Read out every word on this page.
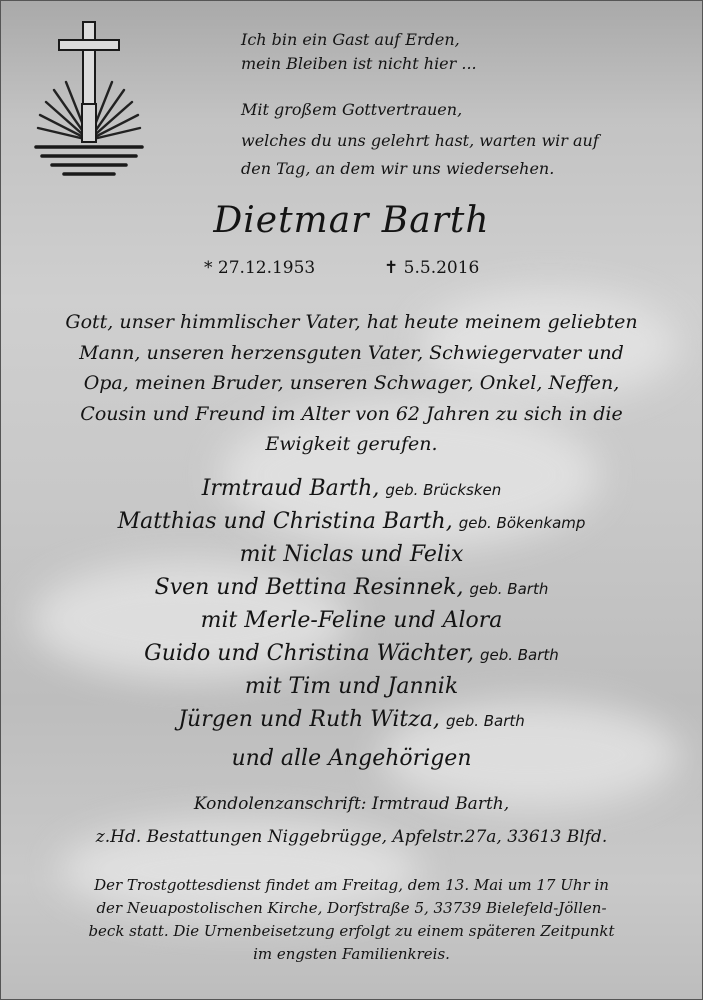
Ich bin ein Gast auf Erden,
mein Bleiben ist nicht hier ...
Mit großem Gottvertrauen,
welches du uns gelehrt hast, warten wir auf
den Tag, an dem wir uns wiedersehen.
Dietmar Barth
* 27.12.1953	✝ 5.5.2016
Gott, unser himmlischer Vater, hat heute meinem geliebten
Mann, unseren herzensguten Vater, Schwiegervater und
Opa, meinen Bruder, unseren Schwager, Onkel, Neffen,
Cousin und Freund im Alter von 62 Jahren zu sich in die
Ewigkeit gerufen.
Irmtraud Barth, geb. Brücksken
Matthias und Christina Barth, geb. Bökenkamp
mit Niclas und Felix
Sven und Bettina Resinnek, geb. Barth
mit Merle-Feline und Alora
Guido und Christina Wächter, geb. Barth
mit Tim und Jannik
Jürgen und Ruth Witza, geb. Barth
und alle Angehörigen
Kondolenzanschrift: Irmtraud Barth,
z.Hd. Bestattungen Niggebrügge, Apfelstr.27a, 33613 Blfd.
Der Trostgottesdienst findet am Freitag, dem 13. Mai um 17 Uhr in
der Neuapostolischen Kirche, Dorfstraße 5, 33739 Bielefeld-Jöllen-
beck statt. Die Urnenbeisetzung erfolgt zu einem späteren Zeitpunkt
im engsten Familienkreis.
